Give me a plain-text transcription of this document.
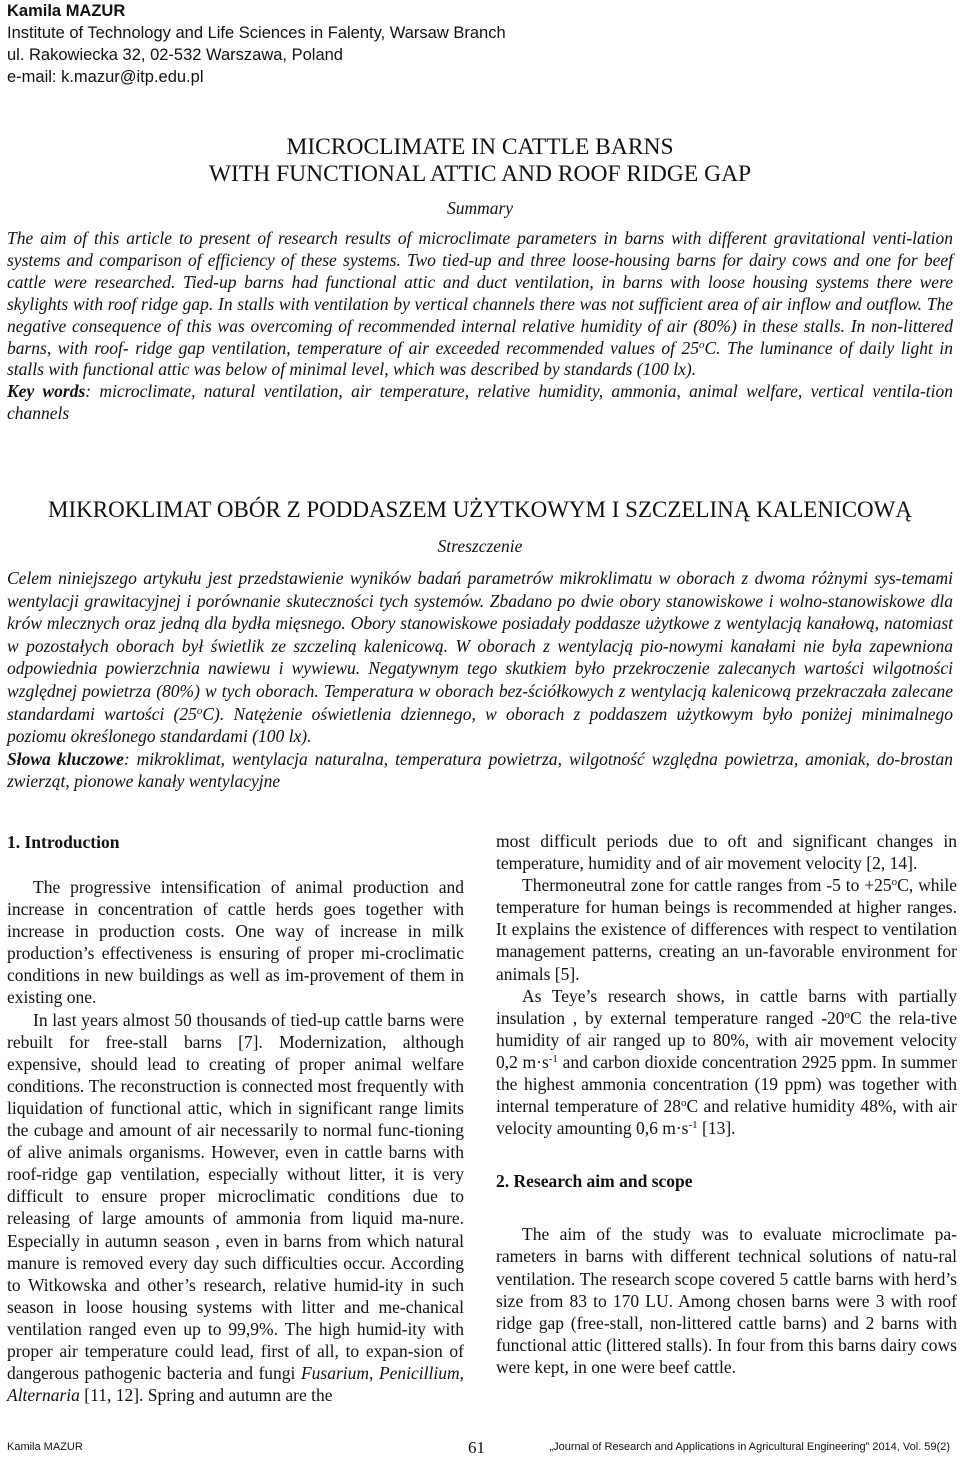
Kamila MAZUR
Institute of Technology and Life Sciences in Falenty, Warsaw Branch
ul. Rakowiecka 32, 02-532 Warszawa, Poland
e-mail: k.mazur@itp.edu.pl
MICROCLIMATE IN CATTLE BARNS
WITH FUNCTIONAL ATTIC AND ROOF RIDGE GAP
Summary

The aim of this article to present of research results of microclimate parameters in barns with different gravitational venti-lation systems and comparison of efficiency of these systems. Two tied-up and three loose-housing barns for dairy cows and one for beef cattle were researched. Tied-up barns had functional attic and duct ventilation, in barns with loose housing systems there were skylights with roof ridge gap. In stalls with ventilation by vertical channels there was not sufficient area of air inflow and outflow. The negative consequence of this was overcoming of recommended internal relative humidity of air (80%) in these stalls. In non-littered barns, with roof- ridge gap ventilation, temperature of air exceeded recommended values of 25$^o$C. The luminance of daily light in stalls with functional attic was below of minimal level, which was described by standards (100 lx).

Key words: microclimate, natural ventilation, air temperature, relative humidity, ammonia, animal welfare, vertical ventila-tion channels

MIKROKLIMAT OBÓR Z PODDASZEM UŻYTKOWYM I SZCZELINĄ KALENICOWĄ
Streszczenie

Celem niniejszego artykułu jest przedstawienie wyników badań parametrów mikroklimatu w oborach z dwoma różnymi sys-temami wentylacji grawitacyjnej i porównanie skuteczności tych systemów. Zbadano po dwie obory stanowiskowe i wolno-stanowiskowe dla krów mlecznych oraz jedną dla bydła mięsnego. Obory stanowiskowe posiadały poddasze użytkowe z wentylacją kanałową, natomiast w pozostałych oborach był świetlik ze szczeliną kalenicową. W oborach z wentylacją pio-nowymi kanałami nie była zapewniona odpowiednia powierzchnia nawiewu i wywiewu. Negatywnym tego skutkiem było przekroczenie zalecanych wartości wilgotności względnej powietrza (80%) w tych oborach. Temperatura w oborach bez-ściółkowych z wentylacją kalenicową przekraczała zalecane standardami wartości (25$^o$C). Natężenie oświetlenia dziennego, w oborach z poddaszem użytkowym było poniżej minimalnego poziomu określonego standardami (100 lx).

Słowa kluczowe: mikroklimat, wentylacja naturalna, temperatura powietrza, wilgotność względna powietrza, amoniak, do-brostan zwierząt, pionowe kanały wentylacyjne

1. Introduction

The progressive intensification of animal production and increase in concentration of cattle herds goes together with increase in production costs. One way of increase in milk production’s effectiveness is ensuring of proper mi-croclimatic conditions in new buildings as well as im-provement of them in existing one.

In last years almost 50 thousands of tied-up cattle barns were rebuilt for free-stall barns [7]. Modernization, although expensive, should lead to creating of proper animal welfare conditions. The reconstruction is connected most frequently with liquidation of functional attic, which in significant range limits the cubage and amount of air necessarily to normal func-tioning of alive animals organisms. However, even in cattle barns with roof-ridge gap ventilation, especially without litter, it is very difficult to ensure proper microclimatic conditions due to releasing of large amounts of ammonia from liquid ma-nure. Especially in autumn season , even in barns from which natural manure is removed every day such difficulties occur. According to Witkowska and other’s research, relative humid-ity in such season in loose housing systems with litter and me-chanical ventilation ranged even up to 99,9%. The high humid-ity with proper air temperature could lead, first of all, to expan-sion of dangerous pathogenic bacteria and fungi Fusarium, Penicillium, Alternaria [11, 12]. Spring and autumn are the

most difficult periods due to oft and significant changes in temperature, humidity and of air movement velocity [2, 14].

Thermoneutral zone for cattle ranges from -5 to $+25^oC$, while temperature for human beings is recommended at higher ranges. It explains the existence of differences with respect to ventilation management patterns, creating an un-favorable environment for animals [5].

As Teye’s research shows, in cattle barns with partially insulation , by external temperature ranged -20$^o$C the rela-tive humidity of air ranged up to 80%, with air movement velocity 0,2 $m\cdot s^{-1}$ and carbon dioxide concentration 2925 ppm. In summer the highest ammonia concentration (19 ppm) was together with internal temperature of 28$^o$C and relative humidity 48%, with air velocity amounting 0,6 $m\cdot s^{-1}$ [13].

2. Research aim and scope

The aim of the study was to evaluate microclimate pa-rameters in barns with different technical solutions of natu-ral ventilation. The research scope covered 5 cattle barns with herd’s size from 83 to 170 LU. Among chosen barns were 3 with roof ridge gap (free-stall, non-littered cattle barns) and 2 barns with functional attic (littered stalls). In four from this barns dairy cows were kept, in one were beef cattle.

Kamila MAZUR	61	„Journal of Research and Applications in Agricultural Engineering” 2014, Vol. 59(2)
